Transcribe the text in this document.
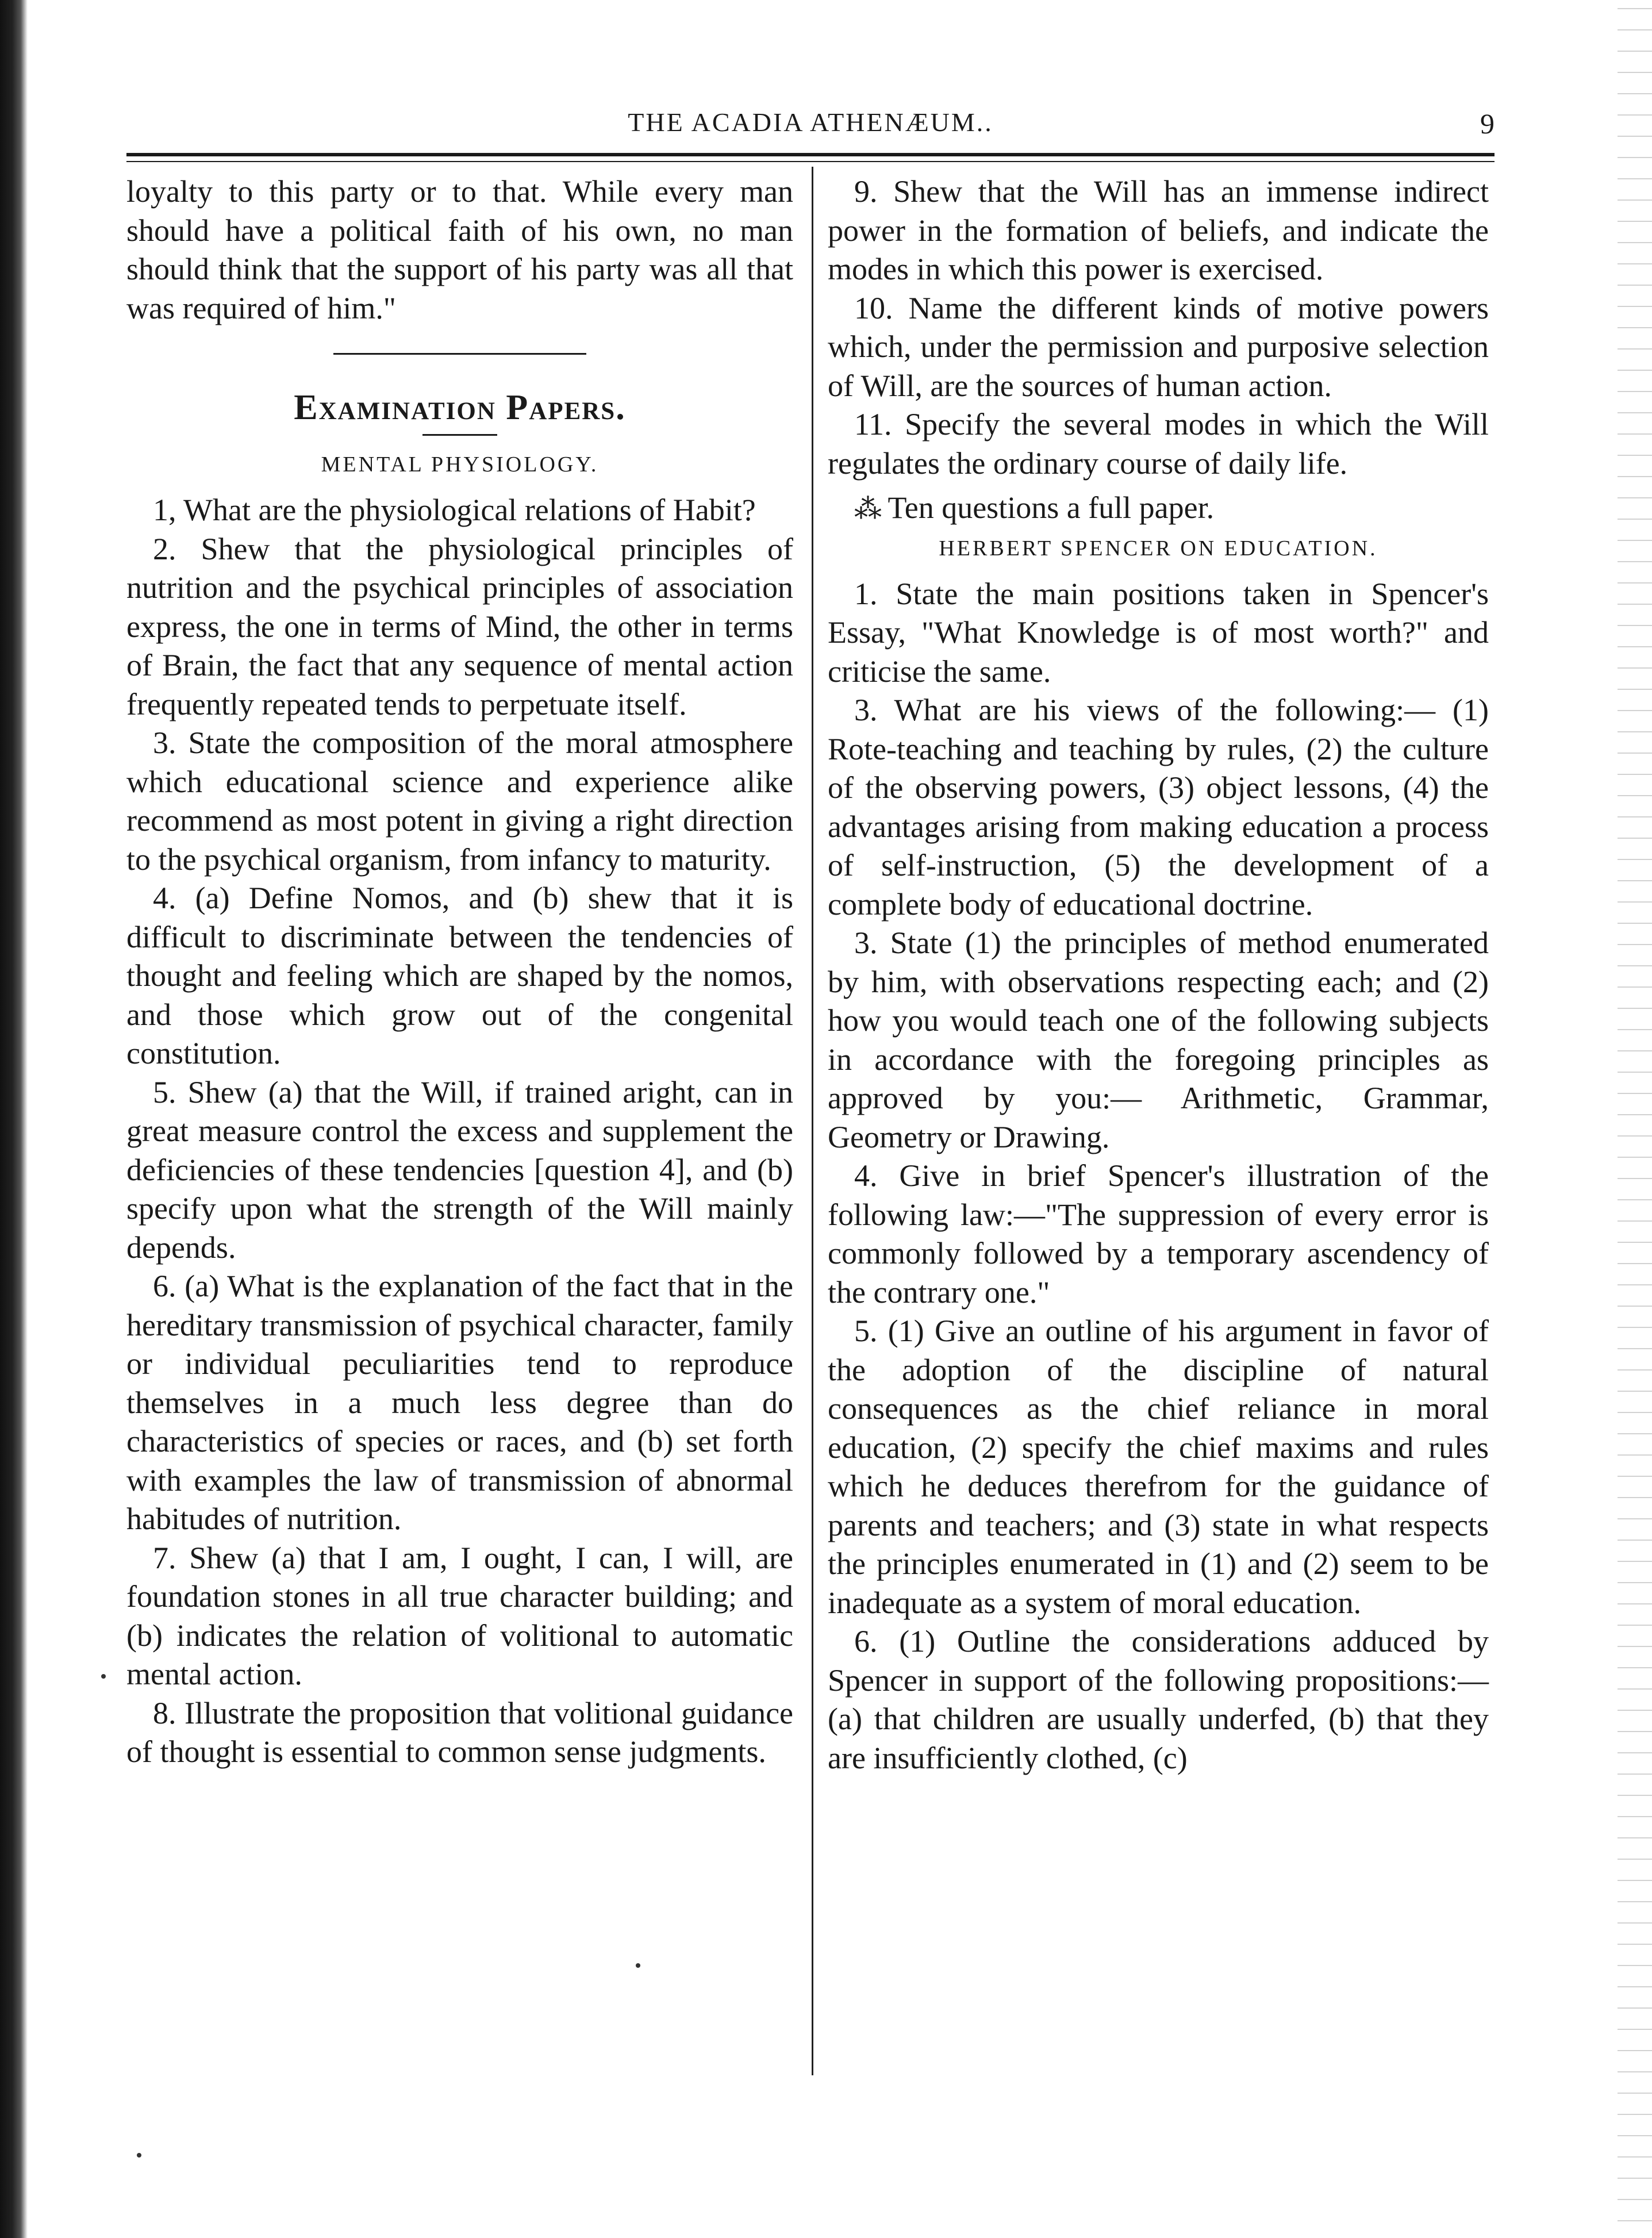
THE ACADIA ATHENÆUM..	9

loyalty to this party or to that. While every man should have a political faith of his own, no man should think that the support of his party was all that was required of him."

Examination Papers.
MENTAL PHYSIOLOGY.

1, What are the physiological relations of Habit?

2. Shew that the physiological principles of nutrition and the psychical principles of association express, the one in terms of Mind, the other in terms of Brain, the fact that any sequence of mental action frequently repeated tends to perpetuate itself.

3. State the composition of the moral atmosphere which educational science and experience alike recommend as most potent in giving a right direction to the psychical organism, from infancy to maturity.

4. (a) Define Nomos, and (b) shew that it is difficult to discriminate between the tendencies of thought and feeling which are shaped by the nomos, and those which grow out of the congenital constitution.

5. Shew (a) that the Will, if trained aright, can in great measure control the excess and supplement the deficiencies of these tendencies [question 4], and (b) specify upon what the strength of the Will mainly depends.

6. (a) What is the explanation of the fact that in the hereditary transmission of psychical character, family or individual peculiarities tend to reproduce themselves in a much less degree than do characteristics of species or races, and (b) set forth with examples the law of transmission of abnormal habitudes of nutrition.

7. Shew (a) that I am, I ought, I can, I will, are foundation stones in all true character building; and (b) indicates the relation of volitional to automatic mental action.

8. Illustrate the proposition that volitional guidance of thought is essential to common sense judgments.

9. Shew that the Will has an immense indirect power in the formation of beliefs, and indicate the modes in which this power is exercised.

10. Name the different kinds of motive powers which, under the permission and purposive selection of Will, are the sources of human action.

11. Specify the several modes in which the Will regulates the ordinary course of daily life.

⁂ Ten questions a full paper.

HERBERT SPENCER ON EDUCATION.

1. State the main positions taken in Spencer's Essay, "What Knowledge is of most worth?" and criticise the same.

3. What are his views of the following:— (1) Rote-teaching and teaching by rules, (2) the culture of the observing powers, (3) object lessons, (4) the advantages arising from making education a process of self-instruction, (5) the development of a complete body of educational doctrine.

3. State (1) the principles of method enumerated by him, with observations respecting each; and (2) how you would teach one of the following subjects in accordance with the foregoing principles as approved by you:— Arithmetic, Grammar, Geometry or Drawing.

4. Give in brief Spencer's illustration of the following law:—"The suppression of every error is commonly followed by a temporary ascendency of the contrary one."

5. (1) Give an outline of his argument in favor of the adoption of the discipline of natural consequences as the chief reliance in moral education, (2) specify the chief maxims and rules which he deduces therefrom for the guidance of parents and teachers; and (3) state in what respects the principles enumerated in (1) and (2) seem to be inadequate as a system of moral education.

6. (1) Outline the considerations adduced by Spencer in support of the following propositions:—(a) that children are usually underfed, (b) that they are insufficiently clothed, (c)
